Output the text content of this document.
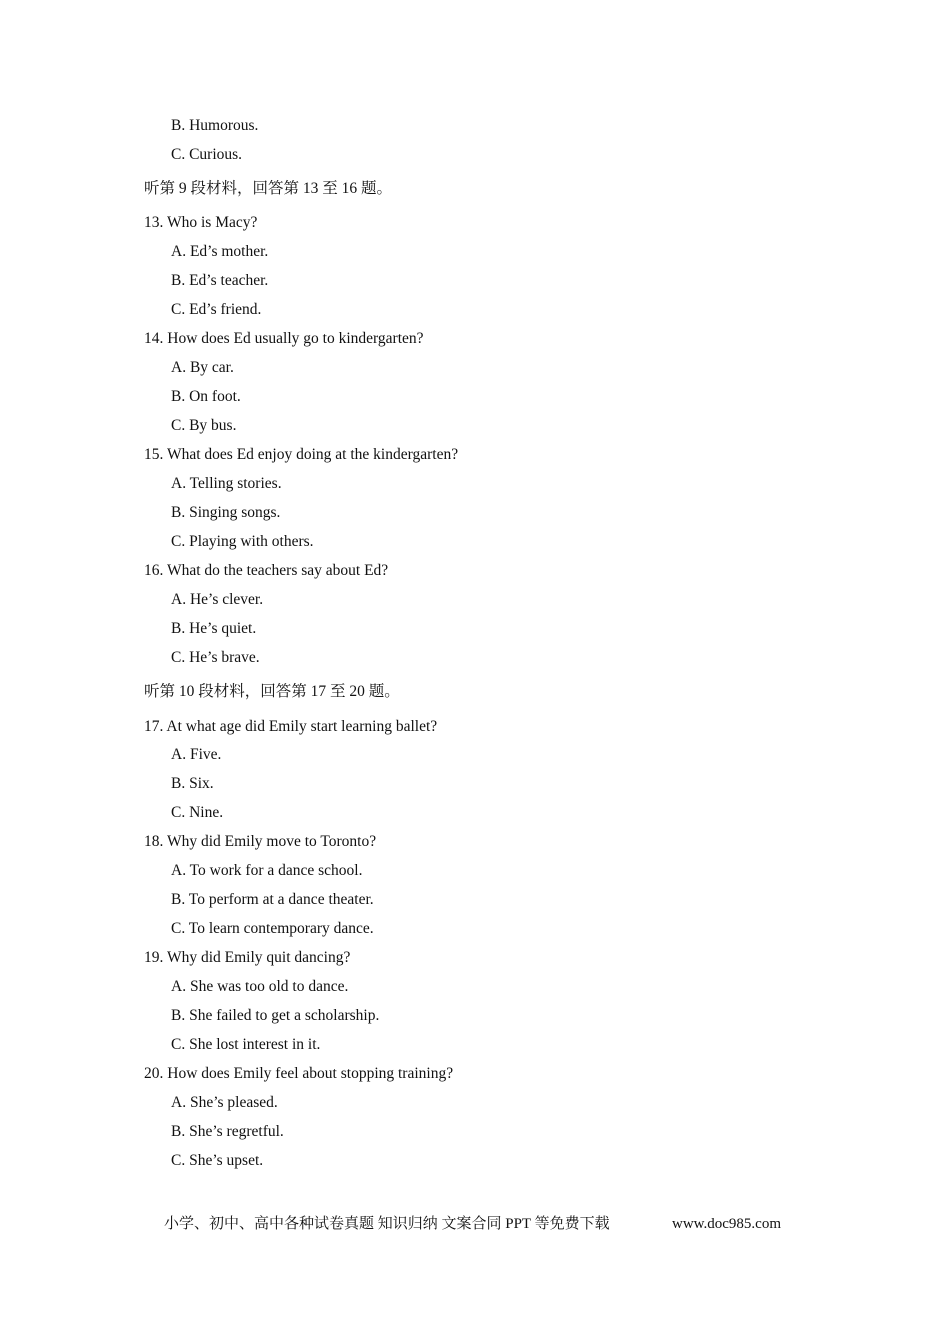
B. Humorous.
C. Curious.
听第 9 段材料，回答第 13 至 16 题。
13. Who is Macy?
A. Ed’s mother.
B. Ed’s teacher.
C. Ed’s friend.
14. How does Ed usually go to kindergarten?
A. By car.
B. On foot.
C. By bus.
15. What does Ed enjoy doing at the kindergarten?
A. Telling stories.
B. Singing songs.
C. Playing with others.
16. What do the teachers say about Ed?
A. He’s clever.
B. He’s quiet.
C. He’s brave.
听第 10 段材料，回答第 17 至 20 题。
17. At what age did Emily start learning ballet?
A. Five.
B. Six.
C. Nine.
18. Why did Emily move to Toronto?
A. To work for a dance school.
B. To perform at a dance theater.
C. To learn contemporary dance.
19. Why did Emily quit dancing?
A. She was too old to dance.
B. She failed to get a scholarship.
C. She lost interest in it.
20. How does Emily feel about stopping training?
A. She’s pleased.
B. She’s regretful.
C. She’s upset.
小学、初中、高中各种试卷真题 知识归纳 文案合同 PPT 等免费下载	www.doc985.com
